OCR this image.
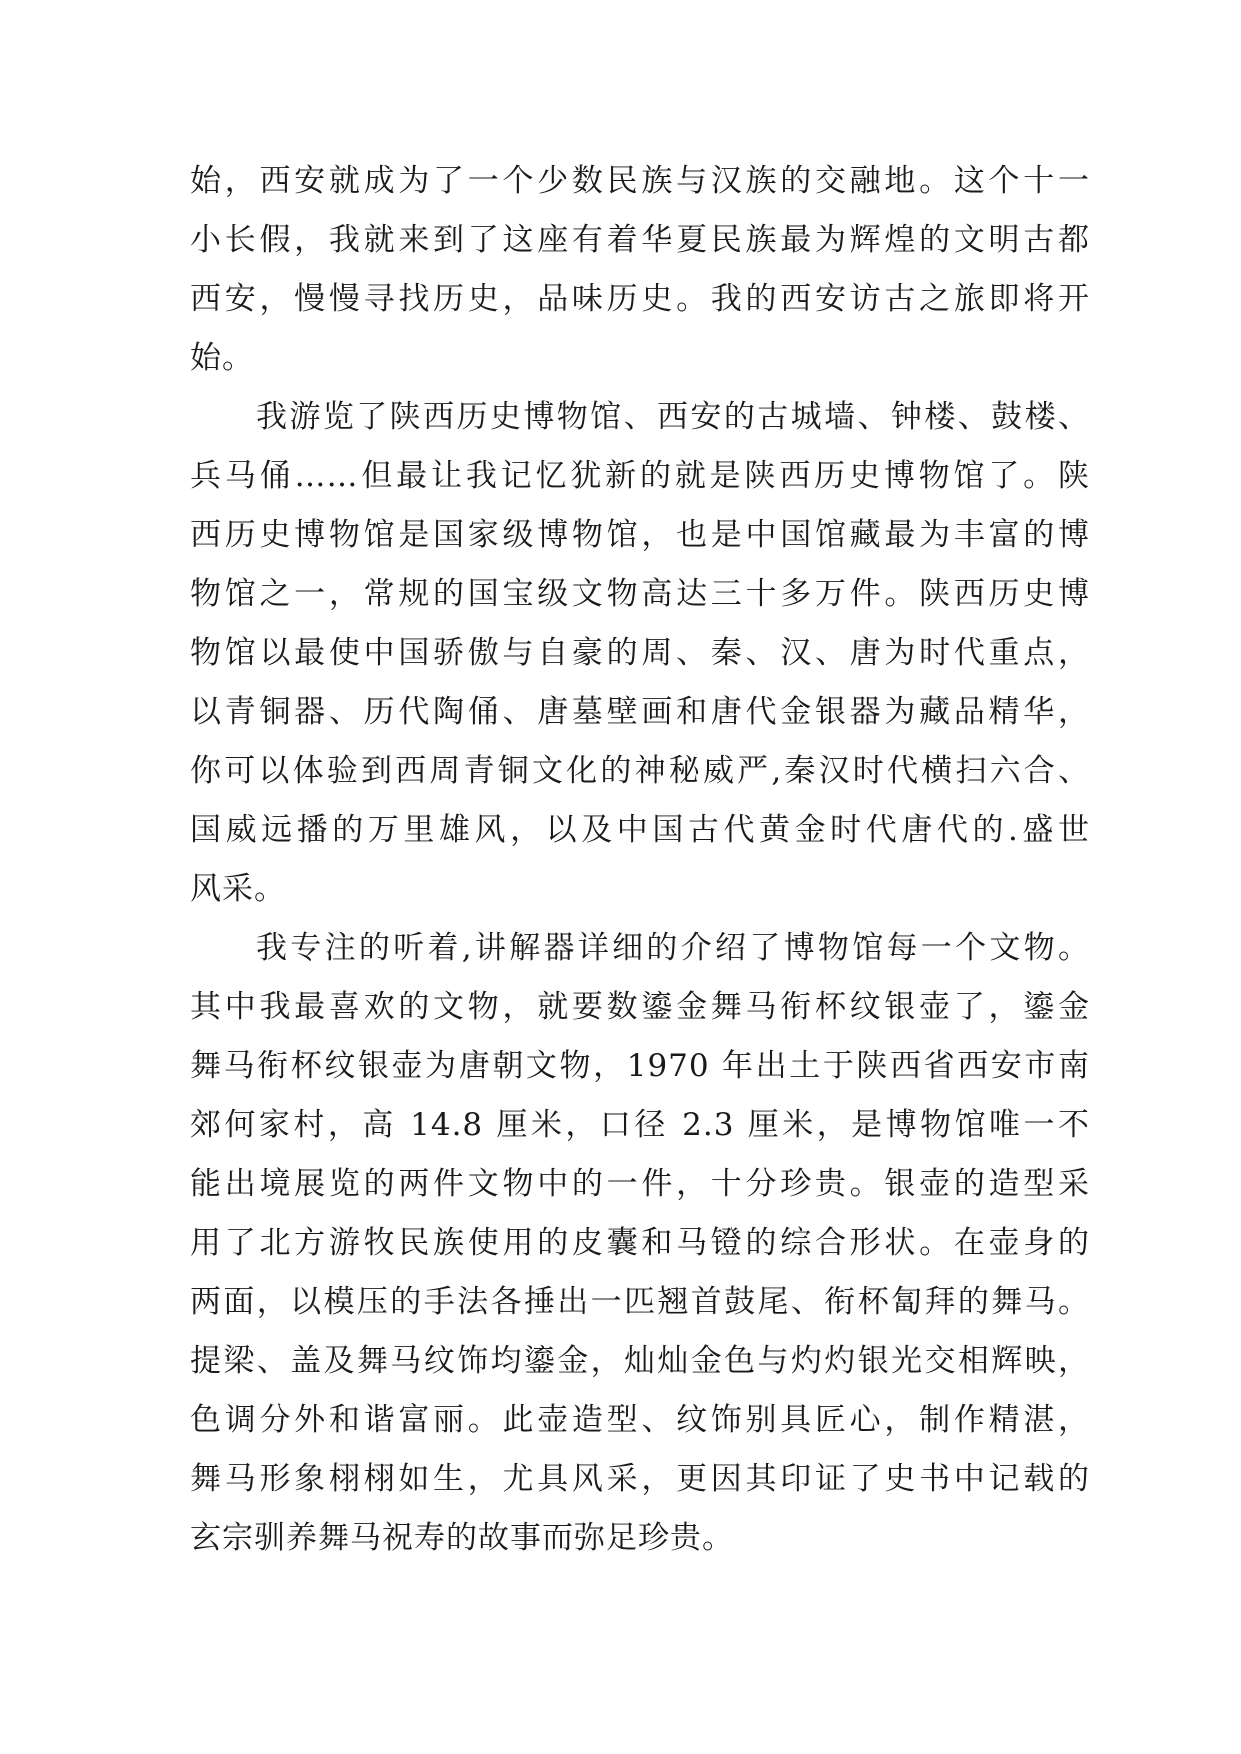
始，西安就成为了一个少数民族与汉族的交融地。这个十一
小长假，我就来到了这座有着华夏民族最为辉煌的文明古都
西安，慢慢寻找历史，品味历史。我的西安访古之旅即将开
始。
我游览了陕西历史博物馆、西安的古城墙、钟楼、鼓楼、
兵马俑……但最让我记忆犹新的就是陕西历史博物馆了。陕
西历史博物馆是国家级博物馆，也是中国馆藏最为丰富的博
物馆之一，常规的国宝级文物高达三十多万件。陕西历史博
物馆以最使中国骄傲与自豪的周、秦、汉、唐为时代重点，
以青铜器、历代陶俑、唐墓壁画和唐代金银器为藏品精华，
你可以体验到西周青铜文化的神秘威严,秦汉时代横扫六合、
国威远播的万里雄风，以及中国古代黄金时代唐代的.盛世
风采。
我专注的听着,讲解器详细的介绍了博物馆每一个文物。
其中我最喜欢的文物，就要数鎏金舞马衔杯纹银壶了，鎏金
舞马衔杯纹银壶为唐朝文物，1970 年出土于陕西省西安市南
郊何家村，高 14.8 厘米，口径 2.3 厘米，是博物馆唯一不
能出境展览的两件文物中的一件，十分珍贵。银壶的造型采
用了北方游牧民族使用的皮囊和马镫的综合形状。在壶身的
两面，以模压的手法各捶出一匹翘首鼓尾、衔杯匐拜的舞马。
提梁、盖及舞马纹饰均鎏金，灿灿金色与灼灼银光交相辉映，
色调分外和谐富丽。此壶造型、纹饰别具匠心，制作精湛，
舞马形象栩栩如生，尤具风采，更因其印证了史书中记载的
玄宗驯养舞马祝寿的故事而弥足珍贵。
